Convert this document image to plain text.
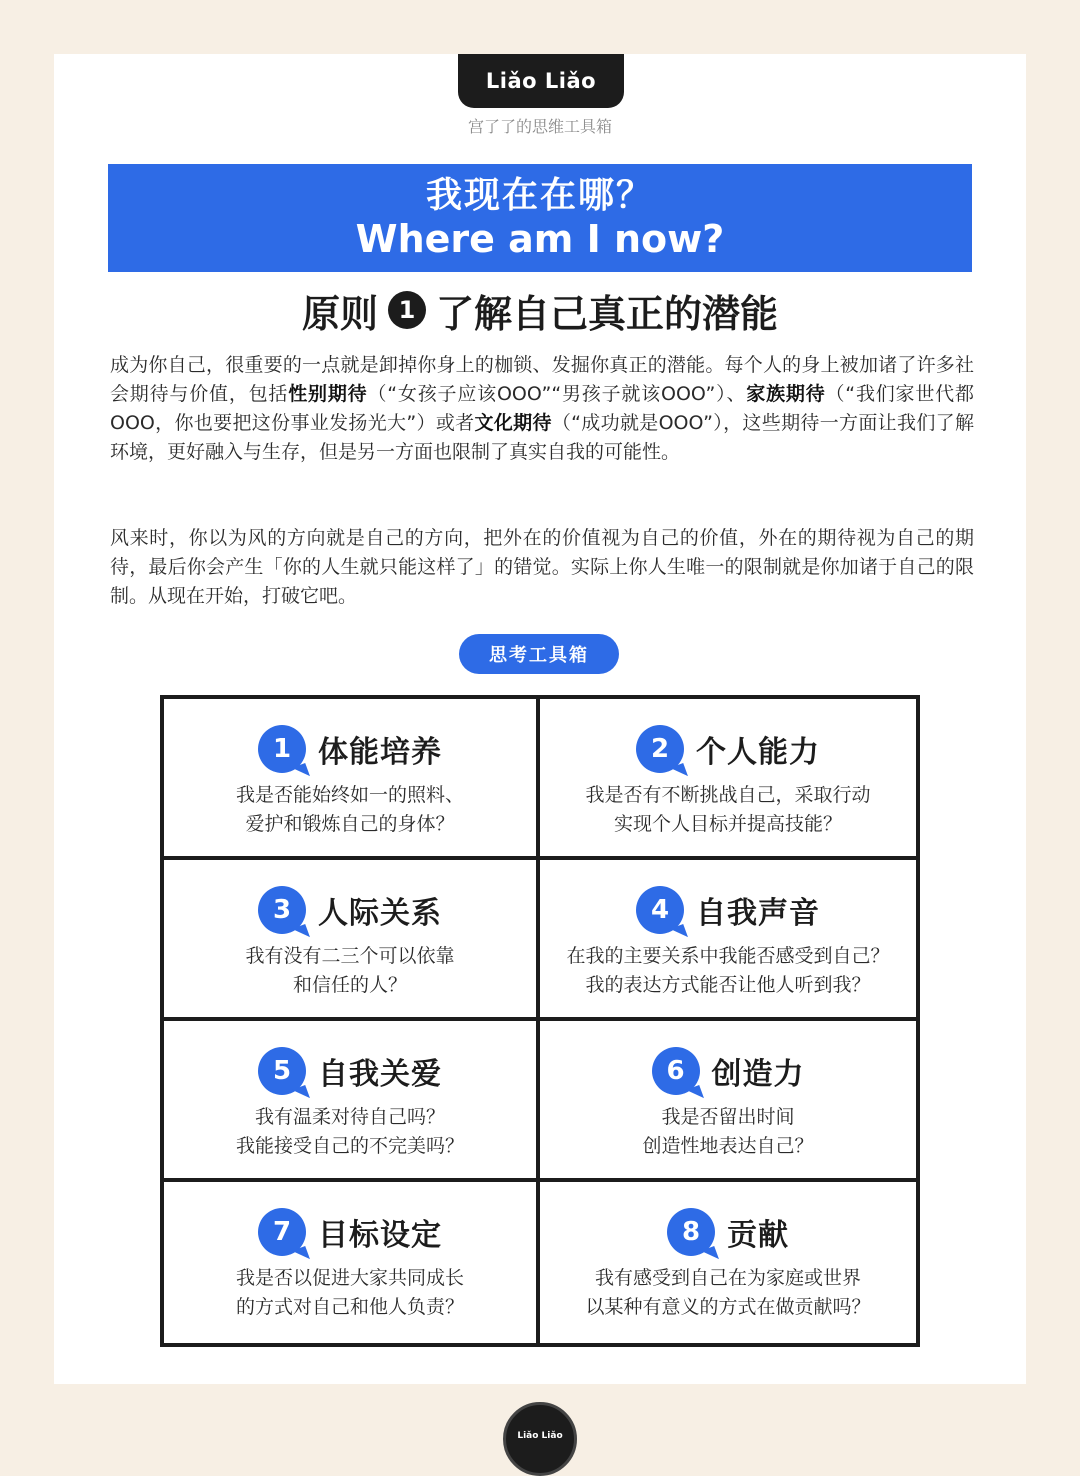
Liǎo Liǎo
宫了了的思维工具箱
我现在在哪？
Where am I now?
原则 1 了解自己真正的潜能
成为你自己，很重要的一点就是卸掉你身上的枷锁、发掘你真正的潜能。每个人的身上被加诸了许多社会期待与价值，包括性别期待（“女孩子应该OOO”“男孩子就该OOO”）、家族期待（“我们家世代都OOO，你也要把这份事业发扬光大”）或者文化期待（“成功就是OOO”），这些期待一方面让我们了解环境，更好融入与生存，但是另一方面也限制了真实自我的可能性。
风来时，你以为风的方向就是自己的方向，把外在的价值视为自己的价值，外在的期待视为自己的期待，最后你会产生「你的人生就只能这样了」的错觉。实际上你人生唯一的限制就是你加诸于自己的限制。从现在开始，打破它吧。
思考工具箱
1 体能培养
我是否能始终如一的照料、
爱护和锻炼自己的身体？
2 个人能力
我是否有不断挑战自己，采取行动
实现个人目标并提高技能？
3 人际关系
我有没有二三个可以依靠
和信任的人？
4 自我声音
在我的主要关系中我能否感受到自己？
我的表达方式能否让他人听到我？
5 自我关爱
我有温柔对待自己吗？
我能接受自己的不完美吗？
6 创造力
我是否留出时间
创造性地表达自己？
7 目标设定
我是否以促进大家共同成长
的方式对自己和他人负责？
8 贡献
我有感受到自己在为家庭或世界
以某种有意义的方式在做贡献吗？
Liǎo Liǎo
